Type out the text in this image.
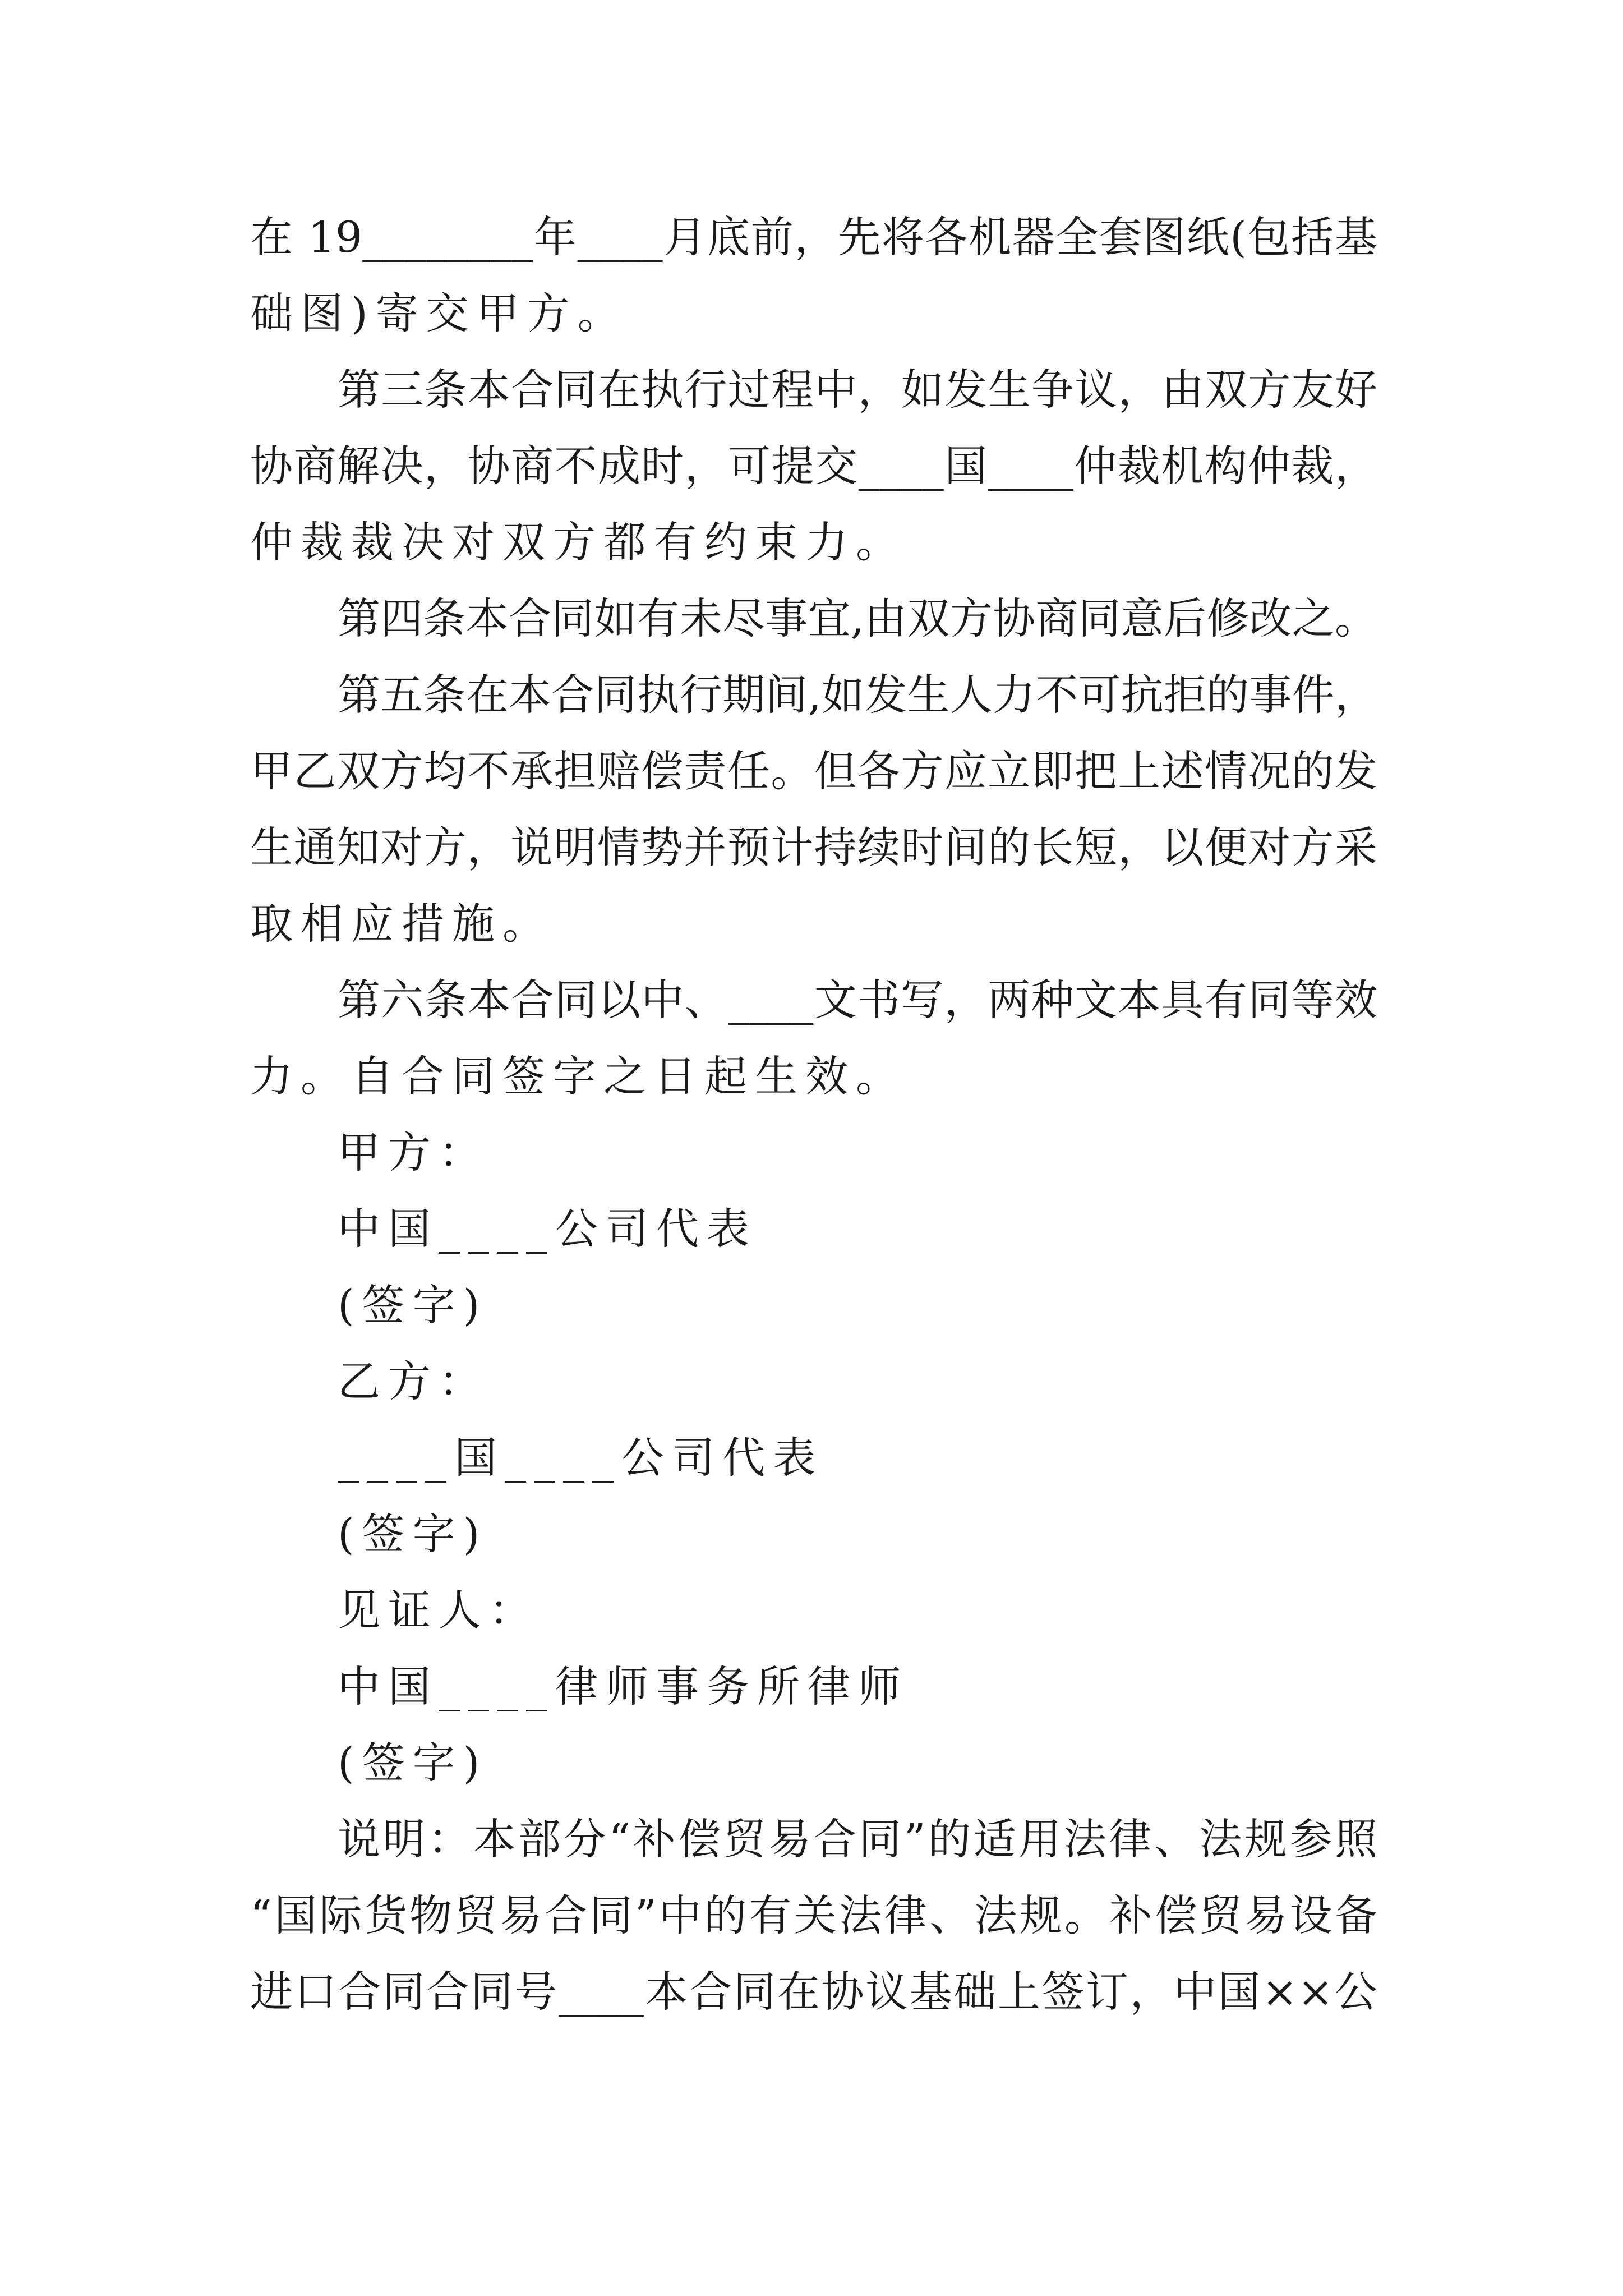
在 19________年____月底前，先将各机器全套图纸(包括基
础图)寄交甲方。
第三条本合同在执行过程中，如发生争议，由双方友好
协商解决，协商不成时，可提交____国____仲裁机构仲裁，
仲裁裁决对双方都有约束力。
第四条本合同如有未尽事宜,由双方协商同意后修改之。
第五条在本合同执行期间,如发生人力不可抗拒的事件，
甲乙双方均不承担赔偿责任。但各方应立即把上述情况的发
生通知对方，说明情势并预计持续时间的长短，以便对方采
取相应措施。
第六条本合同以中、____文书写，两种文本具有同等效
力。自合同签字之日起生效。
甲方：
中国____公司代表
(签字)
乙方：
____国____公司代表
(签字)
见证人：
中国____律师事务所律师
(签字)
说明：本部分“补偿贸易合同”的适用法律、法规参照
“国际货物贸易合同”中的有关法律、法规。补偿贸易设备
进口合同合同号____本合同在协议基础上签订，中国××公
